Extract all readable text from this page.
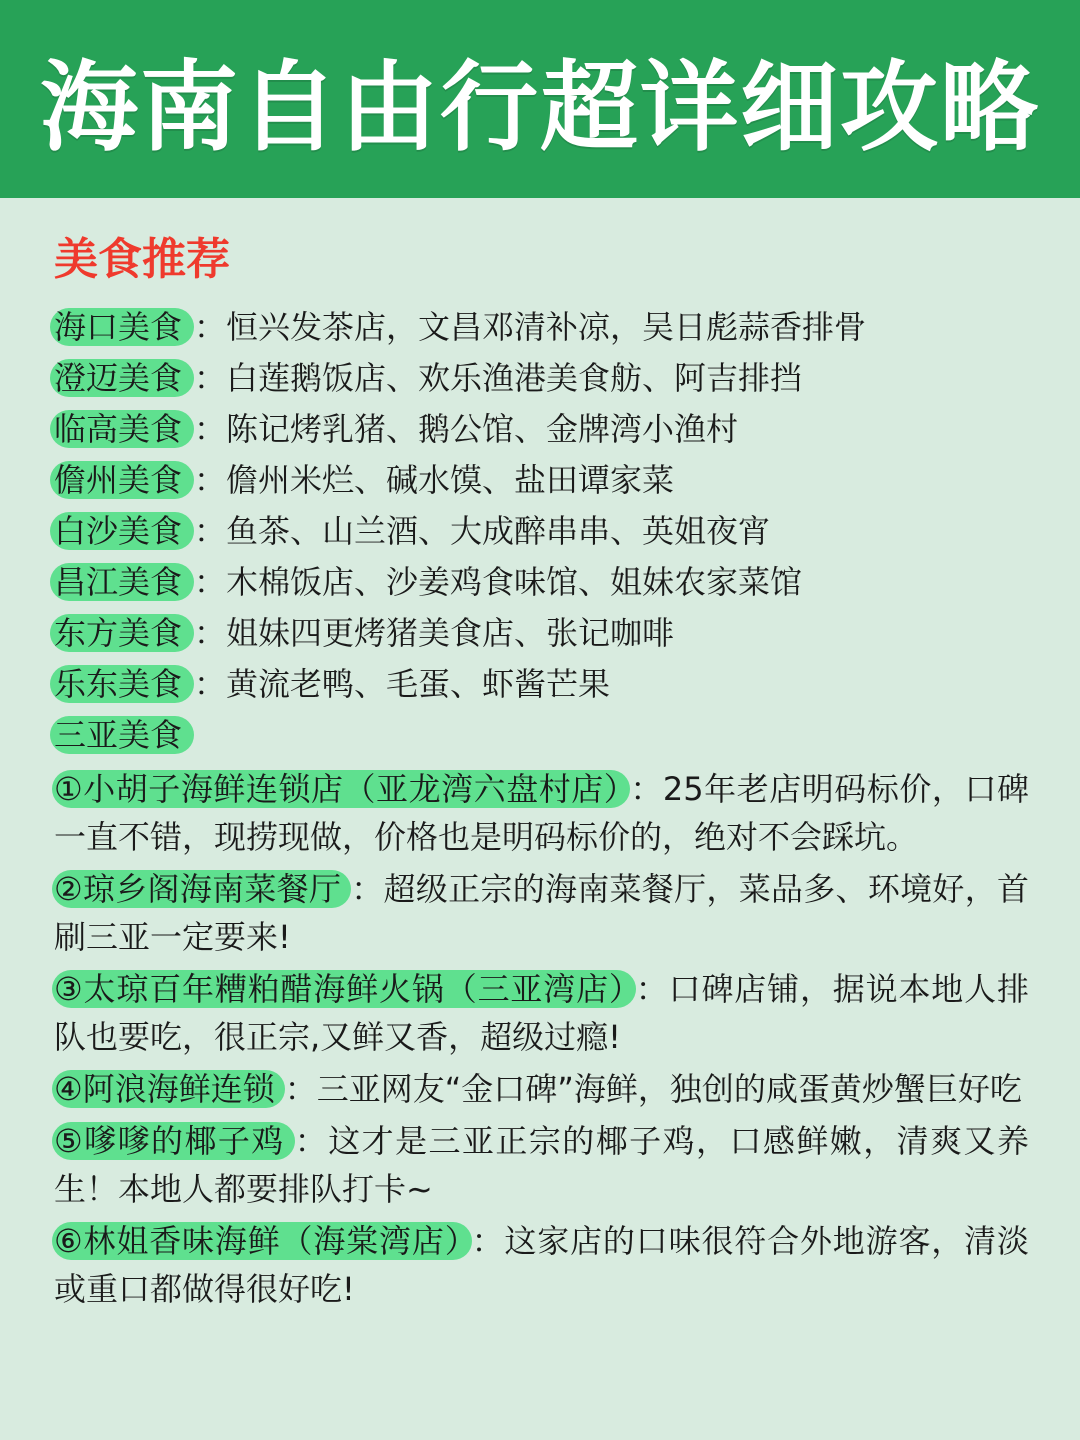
海南自由行超详细攻略
美食推荐
海口美食 ：恒兴发茶店，文昌邓清补凉，吴日彪蒜香排骨
澄迈美食 ：白莲鹅饭店、欢乐渔港美食舫、阿吉排挡
临高美食 ：陈记烤乳猪、鹅公馆、金牌湾小渔村
儋州美食 ：儋州米烂、碱水馍、盐田谭家菜
白沙美食 ：鱼茶、山兰酒、大成醉串串、英姐夜宵
昌江美食 ：木棉饭店、沙姜鸡食味馆、姐妹农家菜馆
东方美食 ：姐妹四更烤猪美食店、张记咖啡
乐东美食 ：黄流老鸭、毛蛋、虾酱芒果
三亚美食

①小胡子海鲜连锁店（亚龙湾六盘村店） ：25年老店明码标价，口碑一直不错，现捞现做，价格也是明码标价的，绝对不会踩坑。

②琼乡阁海南菜餐厅 ：超级正宗的海南菜餐厅，菜品多、环境好，首刷三亚一定要来!

③太琼百年糟粕醋海鲜火锅（三亚湾店） ：口碑店铺，据说本地人排队也要吃，很正宗,又鲜又香，超级过瘾!

④阿浪海鲜连锁 ：三亚网友“金口碑”海鲜，独创的咸蛋黄炒蟹巨好吃

⑤嗲嗲的椰子鸡 ：这才是三亚正宗的椰子鸡，口感鲜嫩，清爽又养生！本地人都要排队打卡~

⑥林姐香味海鲜（海棠湾店） ：这家店的口味很符合外地游客，清淡或重口都做得很好吃!
